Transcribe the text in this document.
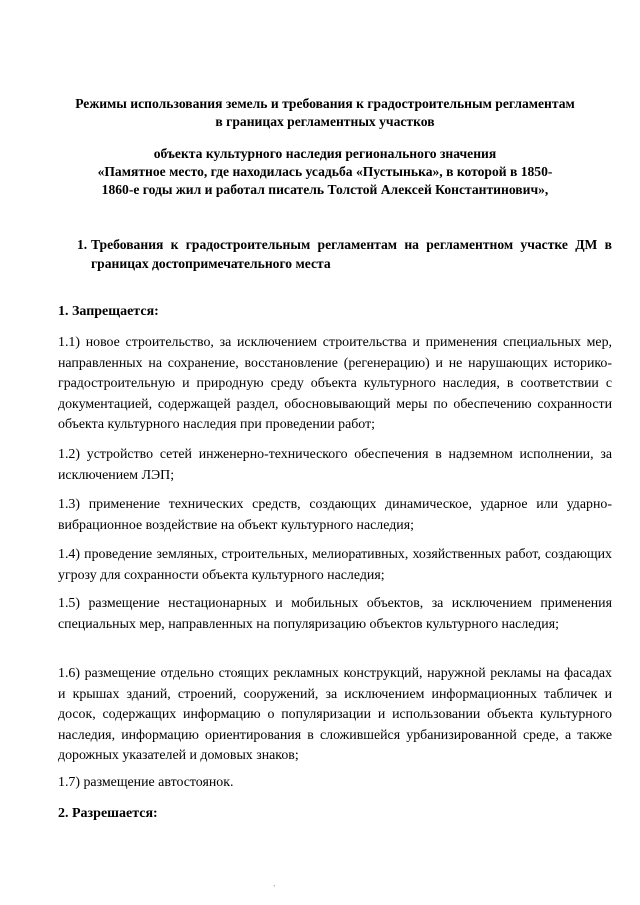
Режимы использования земель и требования к градостроительным регламентам
в границах регламентных участков
объекта культурного наследия регионального значения
«Памятное место, где находилась усадьба «Пустынька», в которой в 1850-
1860-е годы жил и работал писатель Толстой Алексей Константинович»,
1. Требования к градостроительным регламентам на регламентном участке ДМ в границах достопримечательного места
1. Запрещается:
1.1) новое строительство, за исключением строительства и применения специальных мер, направленных на сохранение, восстановление (регенерацию) и не нарушающих историко-градостроительную и природную среду объекта культурного наследия, в соответствии с документацией, содержащей раздел, обосновывающий меры по обеспечению сохранности объекта культурного наследия при проведении работ;
1.2) устройство сетей инженерно-технического обеспечения в надземном исполнении, за исключением ЛЭП;
1.3) применение технических средств, создающих динамическое, ударное или ударно-вибрационное воздействие на объект культурного наследия;
1.4) проведение земляных, строительных, мелиоративных, хозяйственных работ, создающих угрозу для сохранности объекта культурного наследия;
1.5) размещение нестационарных и мобильных объектов, за исключением применения специальных мер, направленных на популяризацию объектов культурного наследия;
1.6) размещение отдельно стоящих рекламных конструкций, наружной рекламы на фасадах и крышах зданий, строений, сооружений, за исключением информационных табличек и досок, содержащих информацию о популяризации и использовании объекта культурного наследия, информацию ориентирования в сложившейся урбанизированной среде, а также дорожных указателей и домовых знаков;
1.7) размещение автостоянок.
2. Разрешается:
`
